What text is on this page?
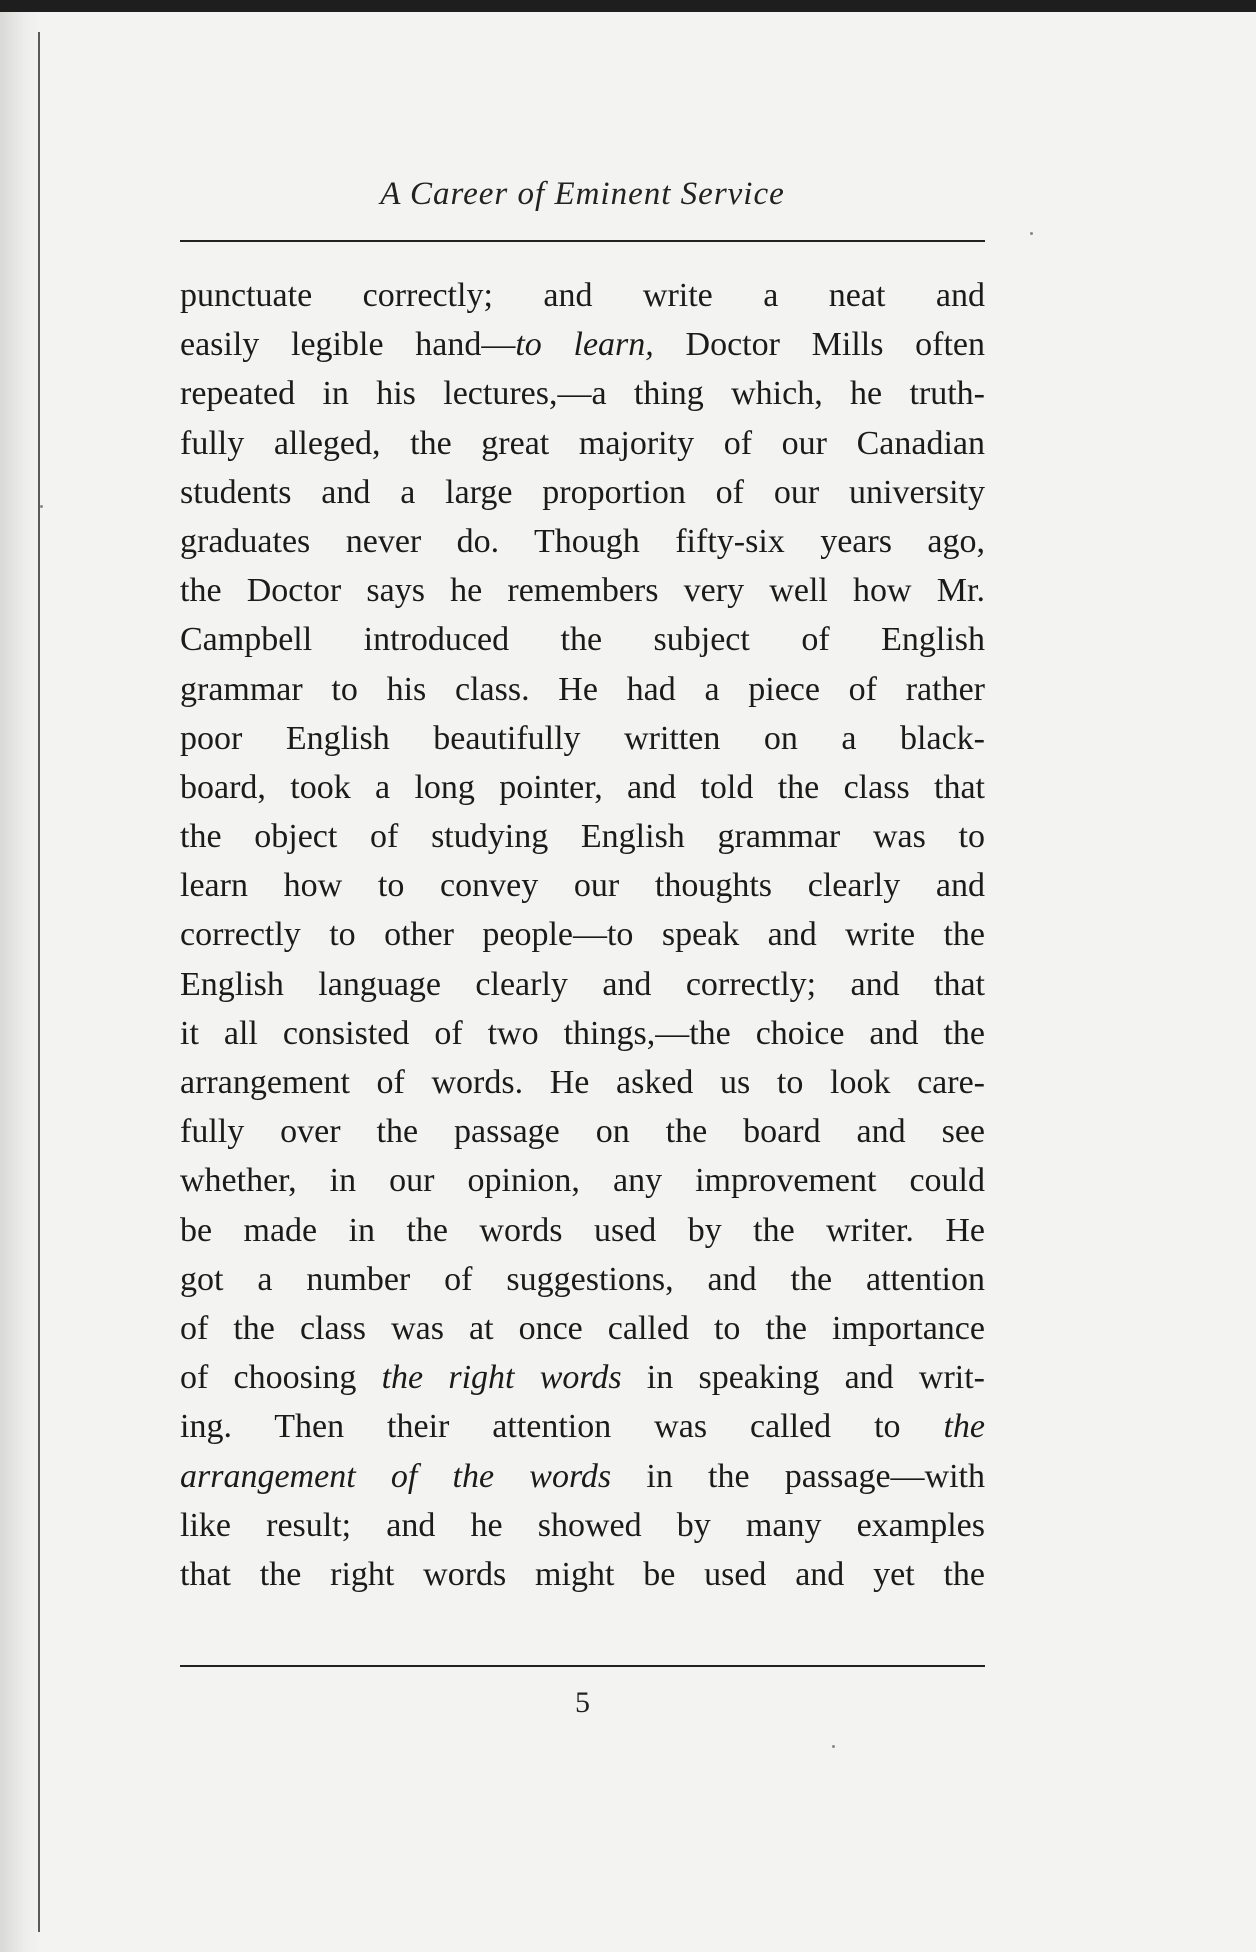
A Career of Eminent Service
punctuate correctly; and write a neat and
easily legible hand—to learn, Doctor Mills often
repeated in his lectures,—a thing which, he truth-
fully alleged, the great majority of our Canadian
students and a large proportion of our university
graduates never do. Though fifty-six years ago,
the Doctor says he remembers very well how Mr.
Campbell introduced the subject of English
grammar to his class. He had a piece of rather
poor English beautifully written on a black-
board, took a long pointer, and told the class that
the object of studying English grammar was to
learn how to convey our thoughts clearly and
correctly to other people—to speak and write the
English language clearly and correctly; and that
it all consisted of two things,—the choice and the
arrangement of words. He asked us to look care-
fully over the passage on the board and see
whether, in our opinion, any improvement could
be made in the words used by the writer. He
got a number of suggestions, and the attention
of the class was at once called to the importance
of choosing the right words in speaking and writ-
ing. Then their attention was called to the
arrangement of the words in the passage—with
like result; and he showed by many examples
that the right words might be used and yet the
5
